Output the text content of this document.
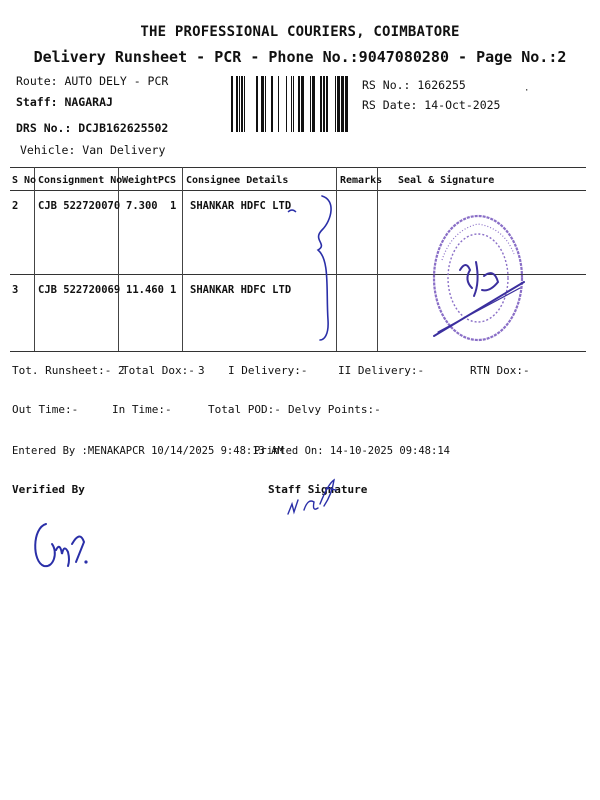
THE PROFESSIONAL COURIERS, COIMBATORE
Delivery Runsheet - PCR - Phone No.:9047080280 - Page No.:2
Route: AUTO DELY - PCR
Staff: NAGARAJ
DRS No.: DCJB162625502
Vehicle: Van Delivery
RS No.: 1626255
RS Date: 14-Oct-2025
·
S No Consignment No Weight PCS Consignee Details	Remarks Seal & Signature
2 CJB 522720070 7.300 1 SHANKAR HDFC LTD
3 CJB 522720069 11.460 1 SHANKAR HDFC LTD
Tot. Runsheet:- 2
Total Dox:- 3 I Delivery:-	II Delivery:-	RTN Dox:-
Out Time:-	In Time:-	Total POD:- Delvy Points:-
Entered By :MENAKAPCR 10/14/2025 9:48:13 AM
Printed On: 14-10-2025 09:48:14
Verified By	Staff Signature
